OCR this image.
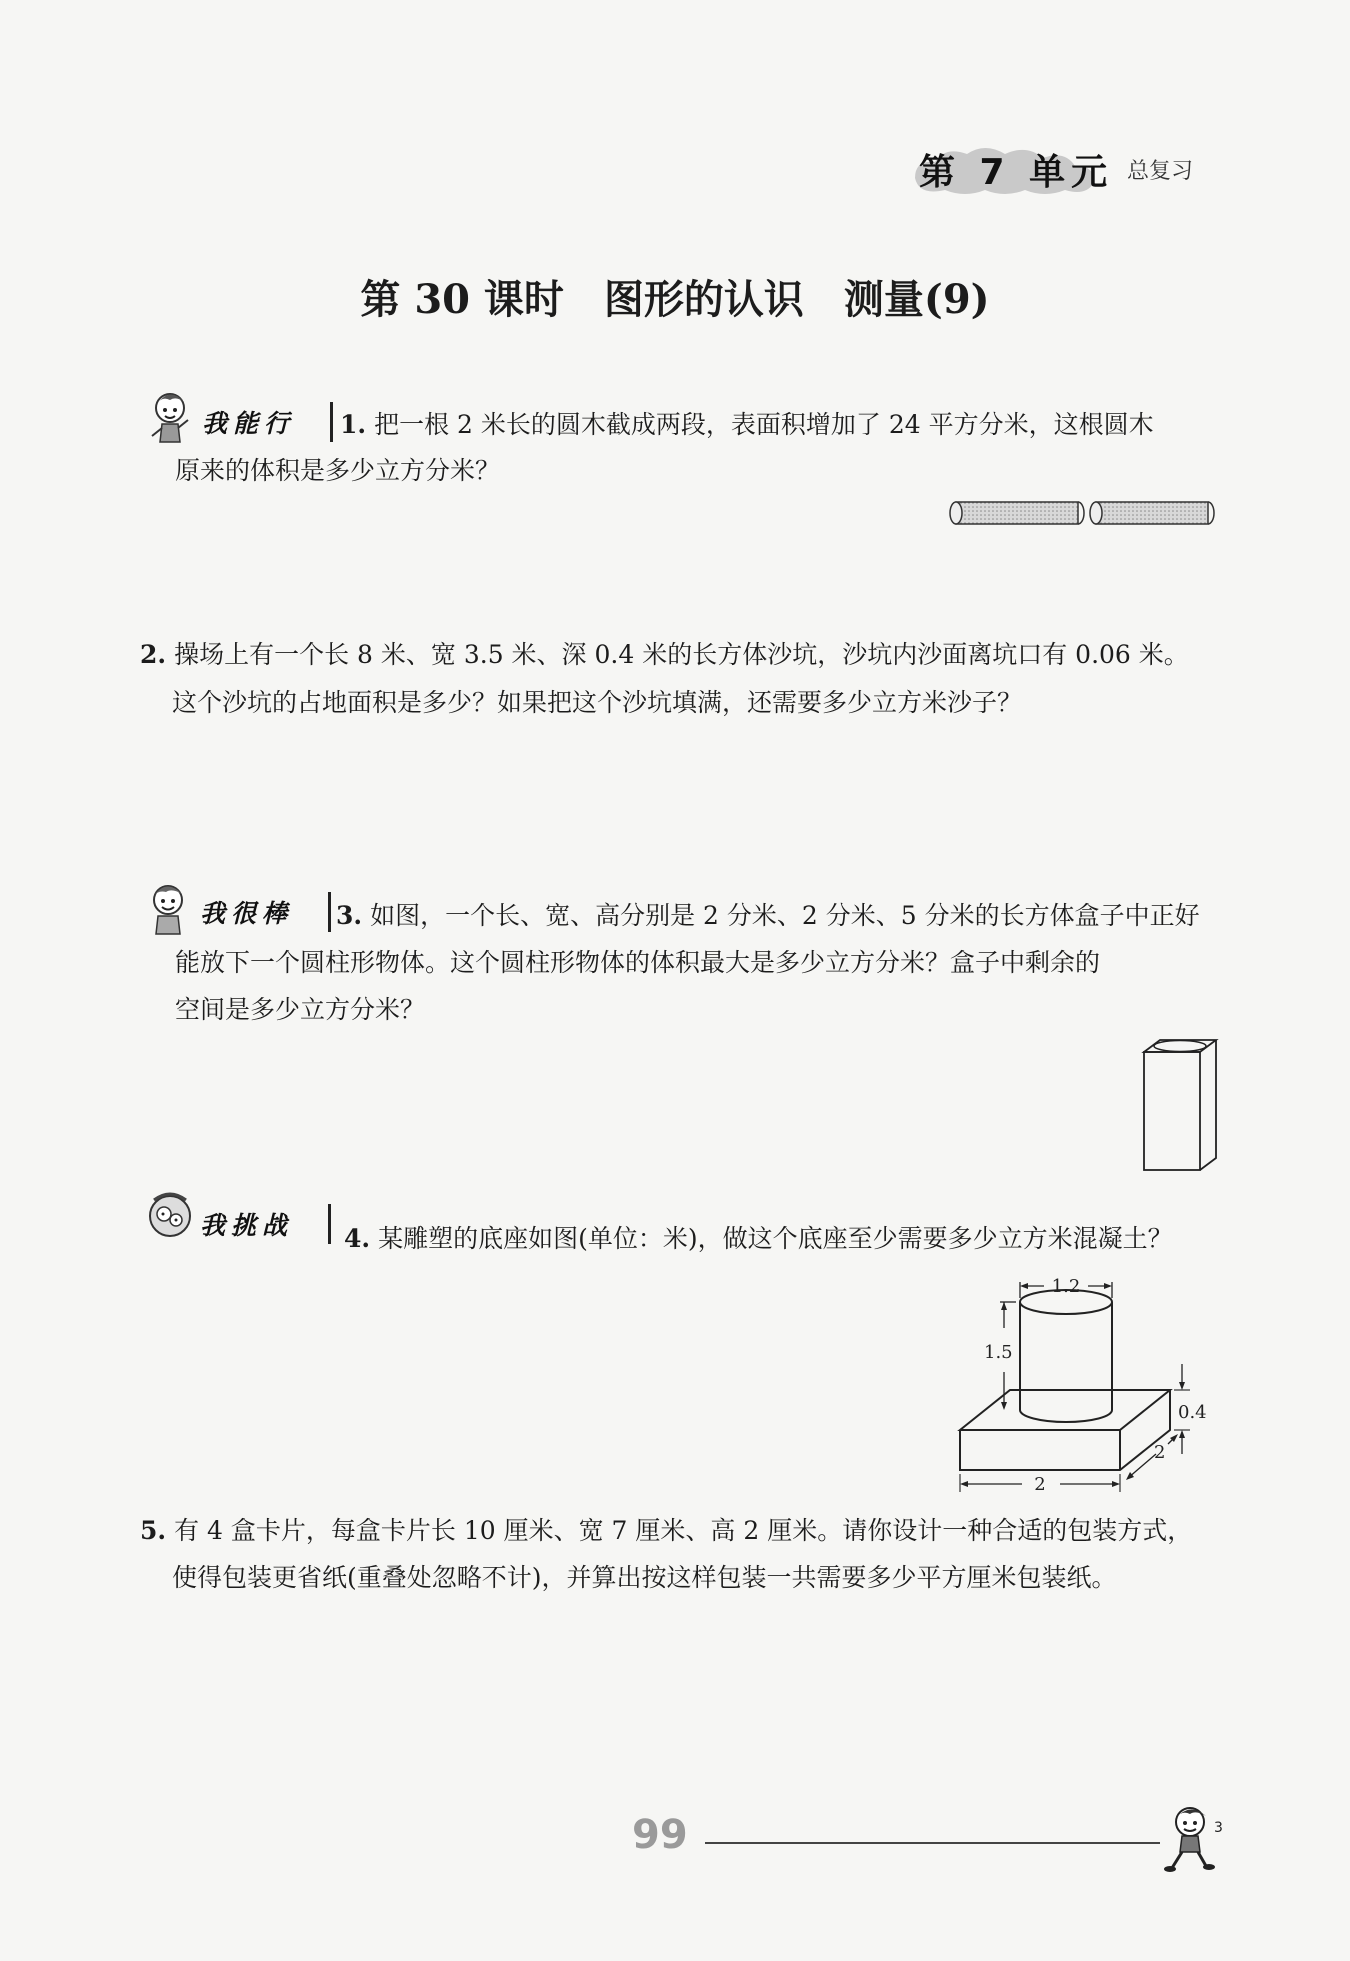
第 7 单元 总复习
第 30 课时　图形的认识　测量(9)
我能行 1. 把一根 2 米长的圆木截成两段，表面积增加了 24 平方分米，这根圆木
原来的体积是多少立方分米？
2. 操场上有一个长 8 米、宽 3.5 米、深 0.4 米的长方体沙坑，沙坑内沙面离坑口有 0.06 米。
这个沙坑的占地面积是多少？如果把这个沙坑填满，还需要多少立方米沙子？
我很棒 3. 如图，一个长、宽、高分别是 2 分米、2 分米、5 分米的长方体盒子中正好
能放下一个圆柱形物体。这个圆柱形物体的体积最大是多少立方分米？盒子中剩余的
空间是多少立方分米？
我挑战 4. 某雕塑的底座如图(单位：米)，做这个底座至少需要多少立方米混凝土？
1.2
1.5
0.4
2
2
5. 有 4 盒卡片，每盒卡片长 10 厘米、宽 7 厘米、高 2 厘米。请你设计一种合适的包装方式，
使得包装更省纸(重叠处忽略不计)，并算出按这样包装一共需要多少平方厘米包装纸。
99	3
